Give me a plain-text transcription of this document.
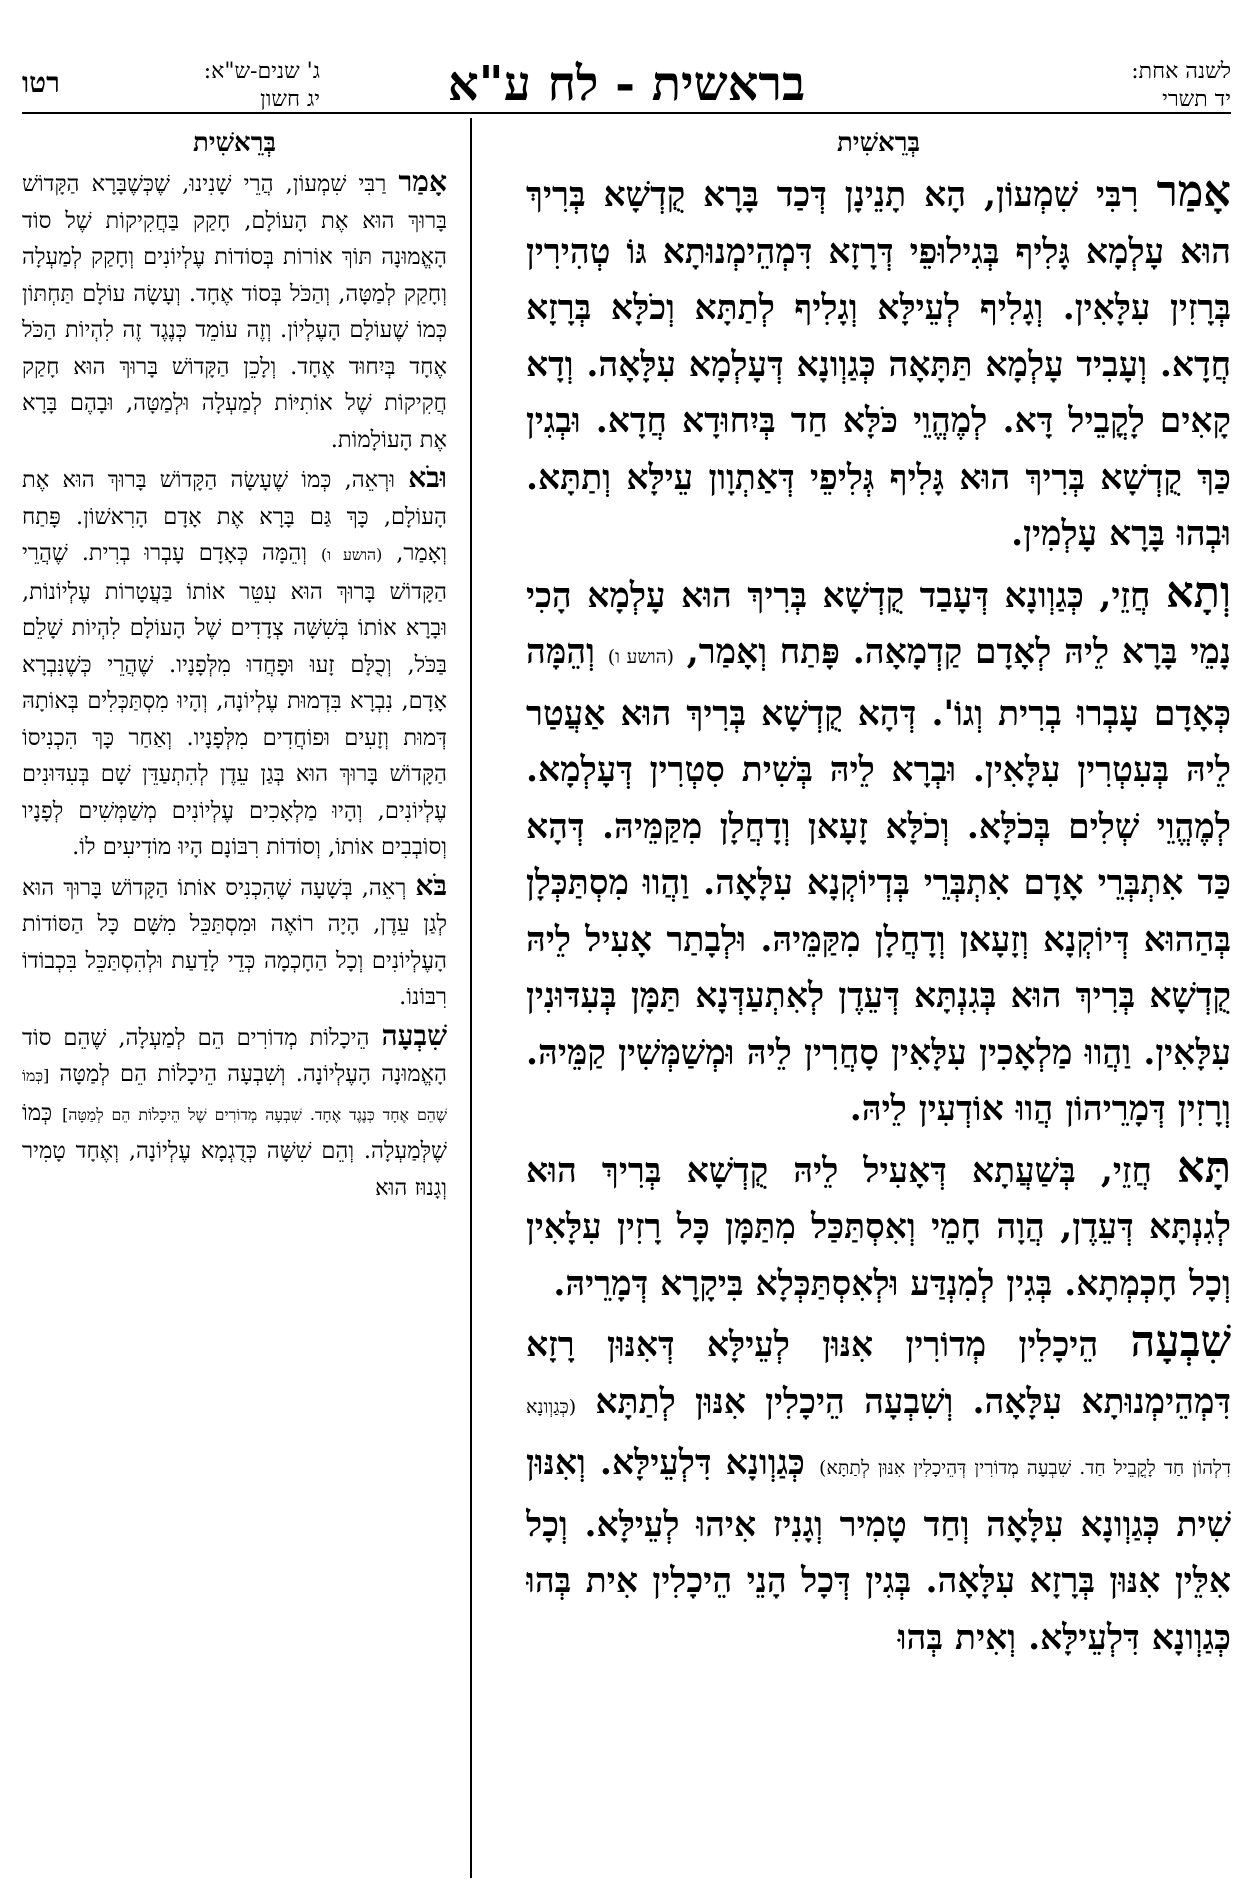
לשנה אחת:
יד תשרי
בראשית - לח ע"א
ג' שנים-ש"א:
יג חשון
רטו
בְּרֵאשִׁית

אָמַר רִבִּי שִׁמְעוֹן, הָא תָנֵינָן דְּכַד בָּרָא קֻדְשָׁא בְּרִיךְ הוּא עָלְמָא גָּלִיף בְּגִילוּפֵי דְּרָזָא דִּמְהֵימְנוּתָא גּוֹ טְהִירִין בְּרָזִין עִלָּאִין. וְגָלִיף לְעֵילָּא וְגָלִיף לְתַתָּא וְכֹלָּא בְּרָזָא חֲדָא. וְעָבִיד עָלְמָא תַּתָּאָה כְּגַוְונָא דְּעָלְמָא עִלָּאָה. וְדָא קָאִים לָקֳבֵיל דָּא. לְמֶהֱוֵי כֹּלָּא חַד בְּיִחוּדָא חֲדָא. וּבְגִין כַּךְ קֻדְשָׁא בְּרִיךְ הוּא גָּלִיף גְּלִיפֵי דְּאַתְוָון עֵילָּא וְתַתָּא. וּבְהוּ בָּרָא עָלְמִין.

וְתָא חֲזֵי, כְּגַוְונָא דְּעָבַד קֻדְשָׁא בְּרִיךְ הוּא עָלְמָא הָכִי נָמֵי בָּרָא לֵיהּ לְאָדָם קַדְמָאָה. פָּתַח וְאָמַר, (הושע ו) וְהֵמָּה כְּאָדָם עָבְרוּ בְרִית וְגוֹ'. דְּהָא קֻדְשָׁא בְּרִיךְ הוּא אַעֲטַר לֵיהּ בְּעִטְרִין עִלָּאִין. וּבְרָא לֵיהּ בְּשִׁית סִטְרִין דְּעָלְמָא. לְמֶהֱוֵי שְׁלִים בְּכֹלָּא. וְכֹלָּא זָעָאן וְדָחֲלָן מִקַּמֵּיהּ. דְּהָא כַּד אִתְבְּרֵי אָדָם אִתְבְּרֵי בְּדְיוֹקְנָא עִלָּאָה. וַהֲווּ מִסְתַּכְּלָן בְּהַהוּא דְּיוֹקְנָא וְזָעָאן וְדָחֲלָן מִקַּמֵּיהּ. וּלְבָתַר אָעִיל לֵיהּ קֻדְשָׁא בְּרִיךְ הוּא בְּגִנְתָּא דְּעֵדֶן לְאִתְעַדְּנָא תַּמָּן בְּעִדּוּנִין עִלָּאִין. וַהֲווּ מַלְאָכִין עִלָּאִין סָחֲרִין לֵיהּ וּמְשַׁמְּשִׁין קַמֵּיהּ. וְרָזִין דְּמָרֵיהוֹן הֲווּ אוֹדְעִין לֵיהּ.

תָּא חֲזֵי, בְּשַׁעֲתָא דְּאָעִיל לֵיהּ קֻדְשָׁא בְּרִיךְ הוּא לְגִנְתָּא דְּעֵדֶן, הֲוָה חָמֵי וְאִסְתַּכַּל מִתַּמָּן כָּל רָזִין עִלָּאִין וְכָל חָכְמְתָא. בְּגִין לְמִנְדַּע וּלְאִסְתַּכְּלָא בִּיקָרָא דְּמָרֵיהּ.

שִׁבְעָה הֵיכָלִין מְדוֹרִין אִנּוּן לְעֵילָּא דְּאִנּוּן רָזָא דִּמְהֵימְנוּתָא עִלָּאָה. וְשִׁבְעָה הֵיכָלִין אִנּוּן לְתַתָּא (כְּגַוְונָא דִלְהוֹן חַד לָקֳבֵיל חַד. שִׁבְעָה מְדוֹרִין דְּהֵיכָלִין אִנּוּן לְתַתָּא) כְּגַוְונָא דִּלְעֵילָּא. וְאִנּוּן שִׁית כְּגַוְונָא עִלָּאָה וְחַד טָמִיר וְגָנִיז אִיהוּ לְעֵילָּא. וְכָל אִלֵּין אִנּוּן בְּרָזָא עִלָּאָה. בְּגִין דְּכָל הָנֵי הֵיכָלִין אִית בְּהוּ כְּגַוְונָא דִּלְעֵילָּא. וְאִית בְּהוּ

בְּרֵאשִׁית

אָמַר רַבִּי שִׁמְעוֹן, הֲרֵי שָׁנִינוּ, שֶׁכְּשֶׁבָּרָא הַקָּדוֹשׁ בָּרוּךְ הוּא אֶת הָעוֹלָם, חָקַק בַּחֲקִיקוֹת שֶׁל סוֹד הָאֱמוּנָה תּוֹךְ אוֹרוֹת בְּסוֹדוֹת עֶלְיוֹנִים וְחָקַק לְמַעְלָה וְחָקַק לְמַטָּה, וְהַכֹּל בְּסוֹד אֶחָד. וְעָשָׂה עוֹלָם תַּחְתּוֹן כְּמוֹ שֶׁעוֹלָם הָעֶלְיוֹן. וְזֶה עוֹמֵד כְּנֶגֶד זֶה לִהְיוֹת הַכֹּל אֶחָד בְּיִחוּד אֶחָד. וְלָכֵן הַקָּדוֹשׁ בָּרוּךְ הוּא חָקַק חֲקִיקוֹת שֶׁל אוֹתִיּוֹת לְמַעְלָה וּלְמַטָּה, וּבָהֶם בָּרָא אֶת הָעוֹלָמוֹת.

וּבֹא וּרְאֵה, כְּמוֹ שֶׁעָשָׂה הַקָּדוֹשׁ בָּרוּךְ הוּא אֶת הָעוֹלָם, כָּךְ גַּם בָּרָא אֶת אָדָם הָרִאשׁוֹן. פָּתַח וְאָמַר, (הושע ו) וְהֵמָּה כְּאָדָם עָבְרוּ בְרִית. שֶׁהֲרֵי הַקָּדוֹשׁ בָּרוּךְ הוּא עִטֵּר אוֹתוֹ בַּעֲטָרוֹת עֶלְיוֹנוֹת, וּבָרָא אוֹתוֹ בְּשִׁשָּׁה צְדָדִים שֶׁל הָעוֹלָם לִהְיוֹת שָׁלֵם בַּכֹּל, וְכֻלָּם זָעוּ וּפָחֲדוּ מִלְּפָנָיו. שֶׁהֲרֵי כְּשֶׁנִּבְרָא אָדָם, נִבְרָא בִּדְמוּת עֶלְיוֹנָה, וְהָיוּ מִסְתַּכְּלִים בְּאוֹתָהּ דְּמוּת וְזָעִים וּפוֹחֲדִים מִלְּפָנָיו. וְאַחַר כָּךְ הִכְנִיסוֹ הַקָּדוֹשׁ בָּרוּךְ הוּא בְּגַן עֵדֶן לְהִתְעַדֵּן שָׁם בְּעִדּוּנִים עֶלְיוֹנִים, וְהָיוּ מַלְאָכִים עֶלְיוֹנִים מְשַׁמְּשִׁים לְפָנָיו וְסוֹבְבִים אוֹתוֹ, וְסוֹדוֹת רִבּוֹנָם הָיוּ מוֹדִיעִים לוֹ.

בֹּא רְאֵה, בְּשָׁעָה שֶׁהִכְנִיס אוֹתוֹ הַקָּדוֹשׁ בָּרוּךְ הוּא לְגַן עֵדֶן, הָיָה רוֹאֶה וּמִסְתַּכֵּל מִשָּׁם כָּל הַסּוֹדוֹת הָעֶלְיוֹנִים וְכָל הַחָכְמָה כְּדֵי לָדַעַת וּלְהִסְתַּכֵּל בִּכְבוֹדוֹ רִבּוֹנוֹ.

שִׁבְעָה הֵיכָלוֹת מְדוֹרִים הֵם לְמַעְלָה, שֶׁהֵם סוֹד הָאֱמוּנָה הָעֶלְיוֹנָה. וְשִׁבְעָה הֵיכָלוֹת הֵם לְמַטָּה [כְּמוֹ שֶׁהֵם אֶחָד כְּנֶגֶד אֶחָד. שִׁבְעָה מְדוֹרִים שֶׁל הֵיכָלוֹת הֵם לְמַטָּה] כְּמוֹ שֶׁלְּמַעְלָה. וְהֵם שִׁשָּׁה כְּדֻגְמָא עֶלְיוֹנָה, וְאֶחָד טָמִיר וְגָנוּז הוּא
